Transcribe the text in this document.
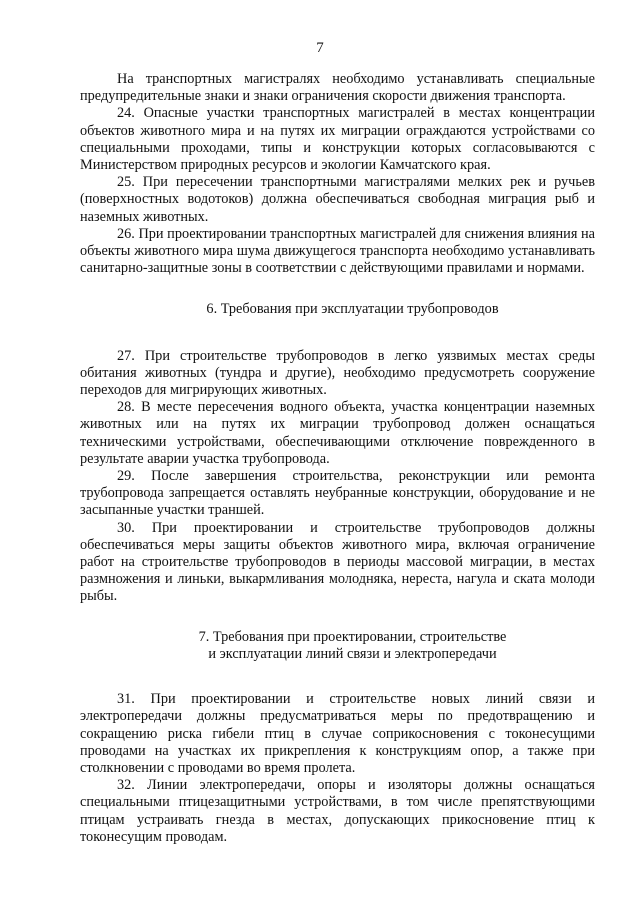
7

На транспортных магистралях необходимо устанавливать специальные предупредительные знаки и знаки ограничения скорости движения транспорта.

24. Опасные участки транспортных магистралей в местах концентрации объектов животного мира и на путях их миграции ограждаются устройствами со специальными проходами, типы и конструкции которых согласовываются с Министерством природных ресурсов и экологии Камчатского края.

25. При пересечении транспортными магистралями мелких рек и ручьев (поверхностных водотоков) должна обеспечиваться свободная миграция рыб и наземных животных.

26. При проектировании транспортных магистралей для снижения влияния на объекты животного мира шума движущегося транспорта необходимо устанавливать санитарно-защитные зоны в соответствии с действующими правилами и нормами.

6. Требования при эксплуатации трубопроводов

27. При строительстве трубопроводов в легко уязвимых местах среды обитания животных (тундра и другие), необходимо предусмотреть сооружение переходов для мигрирующих животных.

28. В месте пересечения водного объекта, участка концентрации наземных животных или на путях их миграции трубопровод должен оснащаться техническими устройствами, обеспечивающими отключение поврежденного в результате аварии участка трубопровода.

29. После завершения строительства, реконструкции или ремонта трубопровода запрещается оставлять неубранные конструкции, оборудование и не засыпанные участки траншей.

30. При проектировании и строительстве трубопроводов должны обеспечиваться меры защиты объектов животного мира, включая ограничение работ на строительстве трубопроводов в периоды массовой миграции, в местах размножения и линьки, выкармливания молодняка, нереста, нагула и ската молоди рыбы.

7. Требования при проектировании, строительстве
и эксплуатации линий связи и электропередачи

31. При проектировании и строительстве новых линий связи и электропередачи должны предусматриваться меры по предотвращению и сокращению риска гибели птиц в случае соприкосновения с токонесущими проводами на участках их прикрепления к конструкциям опор, а также при столкновении с проводами во время пролета.

32. Линии электропередачи, опоры и изоляторы должны оснащаться специальными птицезащитными устройствами, в том числе препятствующими птицам устраивать гнезда в местах, допускающих прикосновение птиц к токонесущим проводам.
